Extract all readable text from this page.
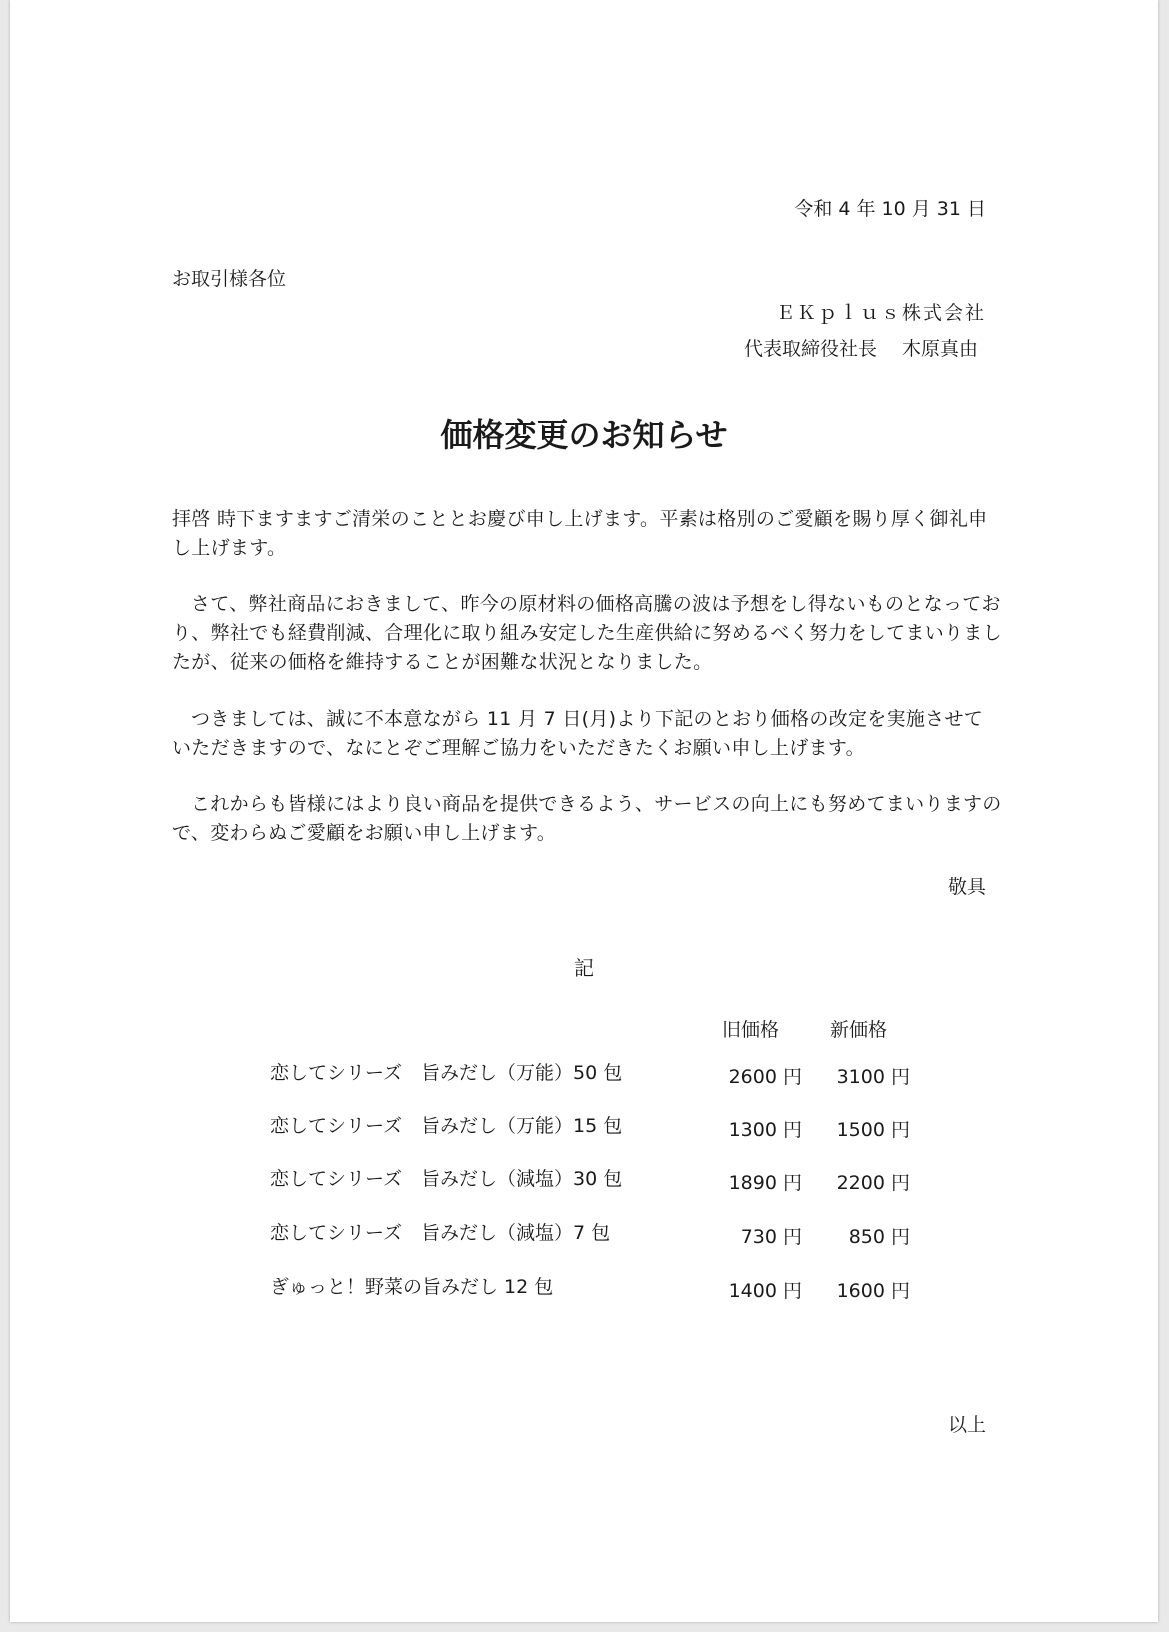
令和 4 年 10 月 31 日
お取引様各位
ＥＫｐｌｕｓ株式会社
代表取締役社長　 木原真由
価格変更のお知らせ
拝啓 時下ますますご清栄のこととお慶び申し上げます。平素は格別のご愛顧を賜り厚く御礼申し上げます。
さて、弊社商品におきまして、昨今の原材料の価格高騰の波は予想をし得ないものとなっており、弊社でも経費削減、合理化に取り組み安定した生産供給に努めるべく努力をしてまいりましたが、従来の価格を維持することが困難な状況となりました。
つきましては、誠に不本意ながら 11 月 7 日(月)より下記のとおり価格の改定を実施させていただきますので、なにとぞご理解ご協力をいただきたくお願い申し上げます。
これからも皆様にはより良い商品を提供できるよう、サービスの向上にも努めてまいりますので、変わらぬご愛顧をお願い申し上げます。
敬具
記
旧価格	新価格
恋してシリーズ　旨みだし（万能）50 包	2600 円 3100 円
恋してシリーズ　旨みだし（万能）15 包	1300 円 1500 円
恋してシリーズ　旨みだし（減塩）30 包	1890 円 2200 円
恋してシリーズ　旨みだし（減塩）7 包	730 円 850 円
ぎゅっと！野菜の旨みだし 12 包	1400 円 1600 円
以上
